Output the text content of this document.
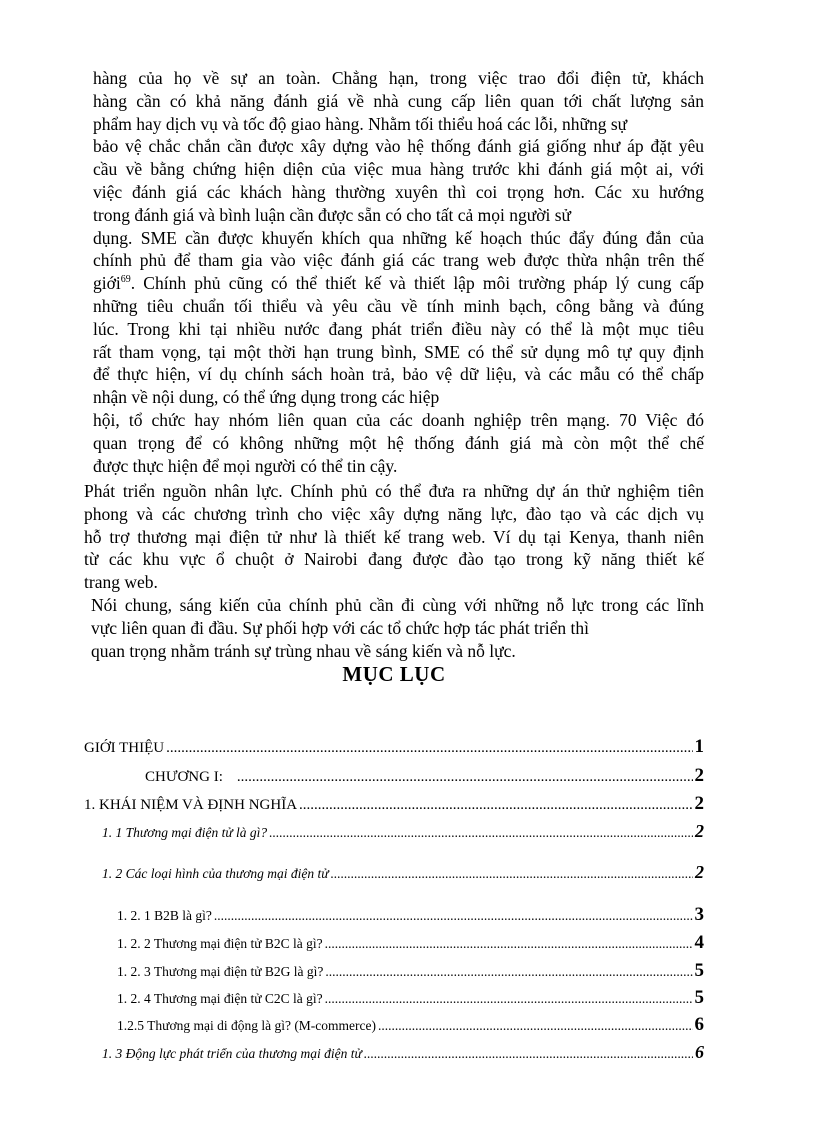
hàng của họ về sự an toàn. Chẳng hạn, trong việc trao đổi điện tử, khách
hàng cần có khả năng đánh giá về nhà cung cấp liên quan tới chất lượng sản
phẩm hay dịch vụ và tốc độ giao hàng. Nhằm tối thiểu hoá các lỗi, những sự
bảo vệ chắc chắn cần được xây dựng vào hệ thống đánh giá giống như áp đặt yêu
cầu về bằng chứng hiện diện của việc mua hàng trước khi đánh giá một ai, với
việc đánh giá các khách hàng thường xuyên thì coi trọng hơn. Các xu hướng
trong đánh giá và bình luận cần được sẵn có cho tất cả mọi người sử
dụng. SME cần được khuyến khích qua những kế hoạch thúc đẩy đúng đắn của
chính phủ để tham gia vào việc đánh giá các trang web được thừa nhận trên thế
giới$^{69}$. Chính phủ cũng có thể thiết kế và thiết lập môi trường pháp lý cung cấp
những tiêu chuẩn tối thiểu và yêu cầu về tính minh bạch, công bằng và đúng
lúc. Trong khi tại nhiều nước đang phát triển điều này có thể là một mục tiêu
rất tham vọng, tại một thời hạn trung bình, SME có thể sử dụng mô tự quy định
để thực hiện, ví dụ chính sách hoàn trả, bảo vệ dữ liệu, và các mẫu có thể chấp
nhận về nội dung, có thể ứng dụng trong các hiệp
hội, tổ chức hay nhóm liên quan của các doanh nghiệp trên mạng. 70 Việc đó
quan trọng để có không những một hệ thống đánh giá mà còn một thể chế
được thực hiện để mọi người có thể tin cậy.
Phát triển nguồn nhân lực. Chính phủ có thể đưa ra những dự án thử nghiệm tiên
phong và các chương trình cho việc xây dựng năng lực, đào tạo và các dịch vụ
hỗ trợ thương mại điện tử như là thiết kế trang web. Ví dụ tại Kenya, thanh niên
từ các khu vực ổ chuột ở Nairobi đang được đào tạo trong kỹ năng thiết kế
trang web.
Nói chung, sáng kiến của chính phủ cần đi cùng với những nỗ lực trong các lĩnh
vực liên quan đi đầu. Sự phối hợp với các tổ chức hợp tác phát triển thì
quan trọng nhằm tránh sự trùng nhau về sáng kiến và nỗ lực.
MỤC LỤC
GIỚI THIỆU .....	1
CHƯƠNG I: .....	2
1. KHÁI NIỆM VÀ ĐỊNH NGHĨA .....	2
1. 1 Thương mại điện tử là gì? .....	2
1. 2 Các loại hình của thương mại điện tử .....	2
1. 2. 1 B2B là gì? .....	3
1. 2. 2 Thương mại điện tử B2C là gì? .....	4
1. 2. 3 Thương mại điện tử B2G là gì? .....	5
1. 2. 4 Thương mại điện tử C2C là gì? .....	5
1.2.5 Thương mại di động là gì? (M-commerce) .....	6
1. 3 Động lực phát triển của thương mại điện tử .....	6
